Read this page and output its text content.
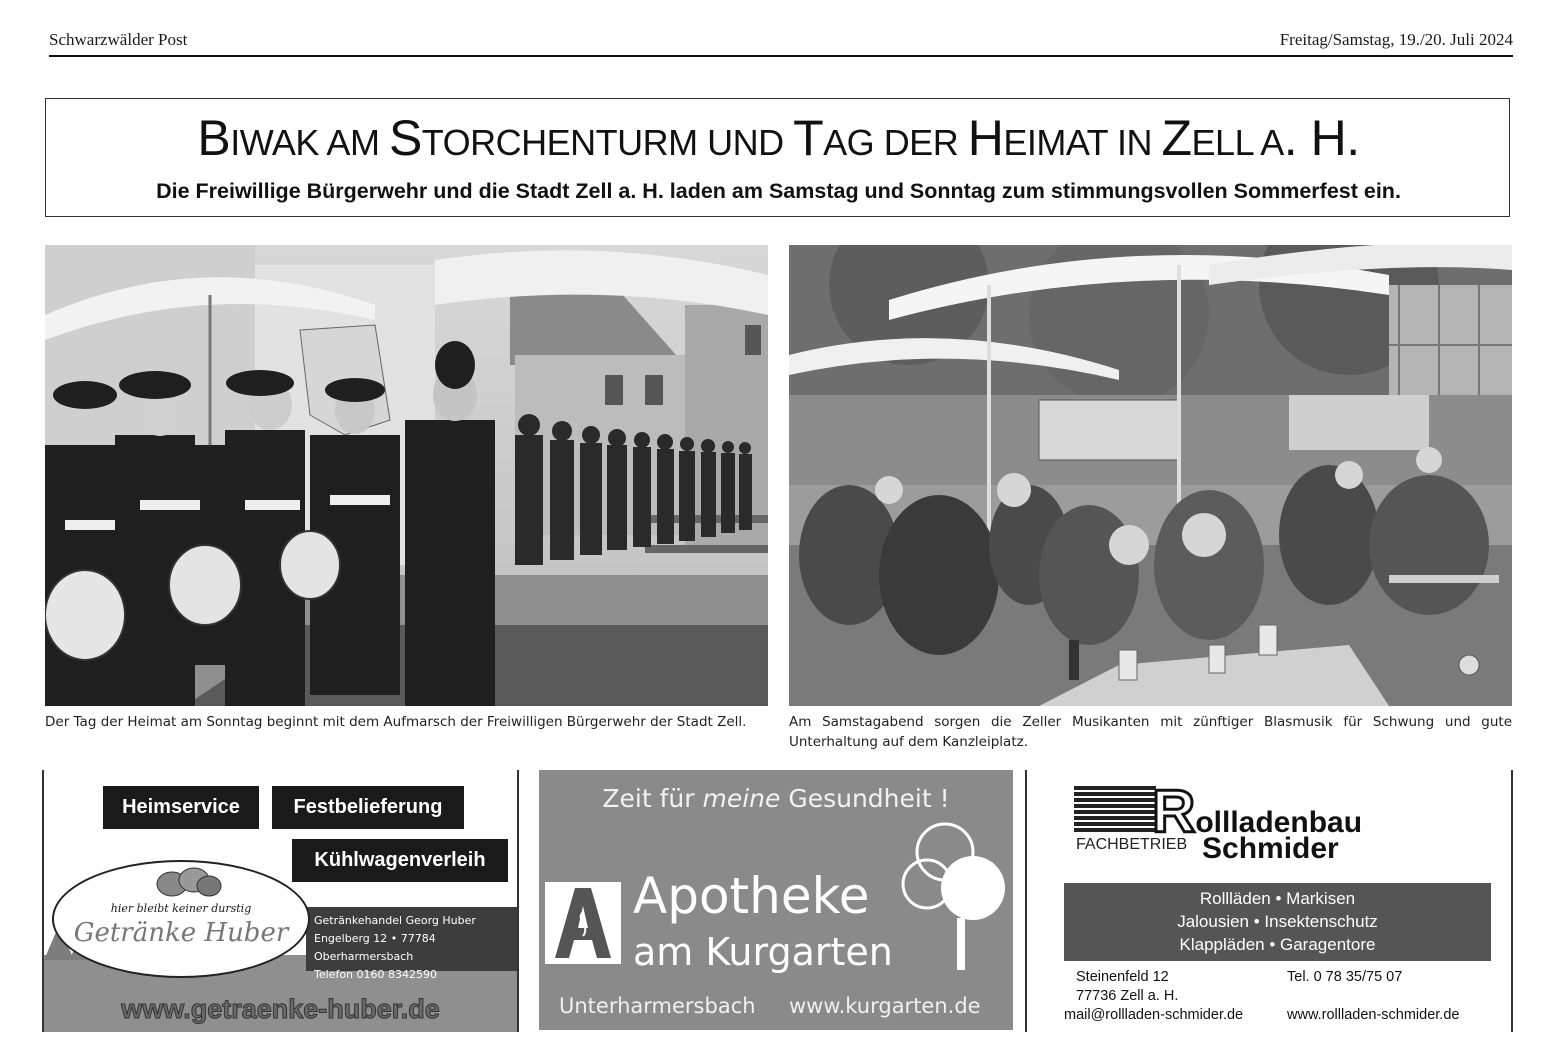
Schwarzwälder Post	Freitag/Samstag, 19./20. Juli 2024
BIWAK AM STORCHENTURM UND TAG DER HEIMAT IN ZELL A. H.
Die Freiwillige Bürgerwehr und die Stadt Zell a. H. laden am Samstag und Sonntag zum stimmungsvollen Sommerfest ein.
Der Tag der Heimat am Sonntag beginnt mit dem Aufmarsch der Freiwilligen Bürgerwehr der Stadt Zell.	Am Samstagabend sorgen die Zeller Musikanten mit zünftiger Blasmusik für Schwung und gute Unterhaltung auf dem Kanzleiplatz.
Heimservice	Festbelieferung
Kühlwagenverleih
hier bleibt keiner durstig
Getränke Huber	Getränkehandel Georg Huber
Engelberg 12 • 77784 Oberharmersbach
Telefon 0160 8342590
www.getraenke-huber.de
Zeit für meine Gesundheit !
Apotheke
am Kurgarten
Unterharmersbach www.kurgarten.de
FACHBETRIEB
Rollladenbau
Schmider
Rollläden • Markisen
Jalousien • Insektenschutz
Klappläden • Garagentore
Steinenfeld 12
77736 Zell a. H.
mail@rollladen-schmider.de
Tel. 0 78 35/75 07
www.rollladen-schmider.de
